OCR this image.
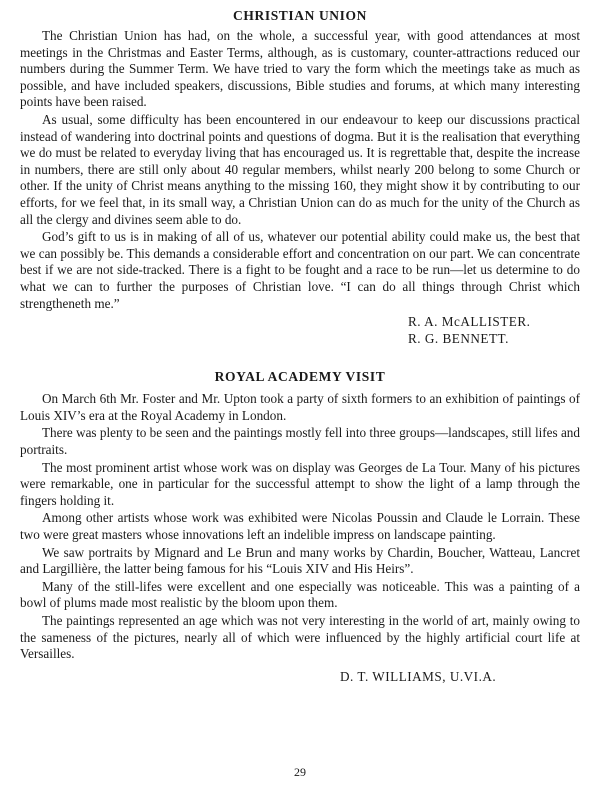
CHRISTIAN UNION

The Christian Union has had, on the whole, a successful year, with good attendances at most meetings in the Christmas and Easter Terms, although, as is customary, counter-attractions reduced our numbers during the Summer Term. We have tried to vary the form which the meetings take as much as possible, and have included speakers, discussions, Bible studies and forums, at which many interesting points have been raised.

As usual, some difficulty has been encountered in our endeavour to keep our discussions practical instead of wandering into doctrinal points and questions of dogma. But it is the realisation that everything we do must be related to everyday living that has encouraged us. It is regrettable that, despite the increase in numbers, there are still only about 40 regular members, whilst nearly 200 belong to some Church or other. If the unity of Christ means anything to the missing 160, they might show it by contributing to our efforts, for we feel that, in its small way, a Christian Union can do as much for the unity of the Church as all the clergy and divines seem able to do.

God’s gift to us is in making of all of us, whatever our potential ability could make us, the best that we can possibly be. This demands a considerable effort and concentration on our part. We can concentrate best if we are not side-tracked. There is a fight to be fought and a race to be run—let us determine to do what we can to further the purposes of Christian love. “I can do all things through Christ which strengtheneth me.”

R. A. McALLISTER.
R. G. BENNETT.
ROYAL ACADEMY VISIT

On March 6th Mr. Foster and Mr. Upton took a party of sixth formers to an exhibition of paintings of Louis XIV’s era at the Royal Academy in London.

There was plenty to be seen and the paintings mostly fell into three groups—landscapes, still lifes and portraits.

The most prominent artist whose work was on display was Georges de La Tour. Many of his pictures were remarkable, one in particular for the successful attempt to show the light of a lamp through the fingers holding it.

Among other artists whose work was exhibited were Nicolas Poussin and Claude le Lorrain. These two were great masters whose innovations left an indelible impress on landscape painting.

We saw portraits by Mignard and Le Brun and many works by Chardin, Boucher, Watteau, Lancret and Largillière, the latter being famous for his “Louis XIV and His Heirs”.

Many of the still-lifes were excellent and one especially was noticeable. This was a painting of a bowl of plums made most realistic by the bloom upon them.

The paintings represented an age which was not very interesting in the world of art, mainly owing to the sameness of the pictures, nearly all of which were influenced by the highly artificial court life at Versailles.

D. T. WILLIAMS, U.VI.A.
29
